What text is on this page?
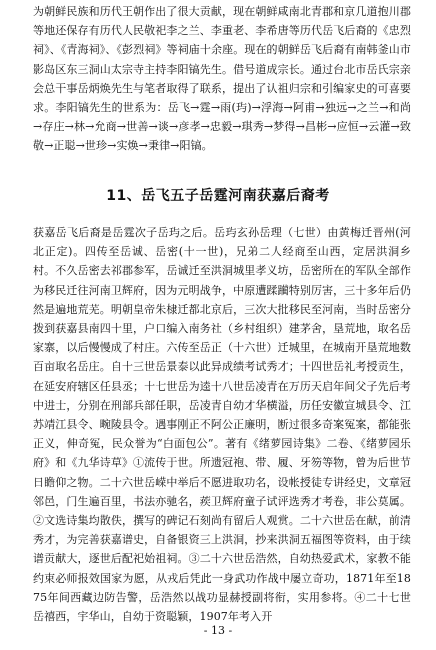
为朝鲜民族和历代王朝作出了很大贡献，现在朝鲜咸南北青郡和京几道抱川郡等地还保存有历代人民敬祀李之兰、李重老、李希唐等历代岳飞后裔的《忠烈祠》、《青海祠》、《彭烈祠》等祠庙十余座。现在的朝鲜岳飞后裔有南韩釜山市影岛区东三洞山太宗寺主持李阳镐先生。借号道成宗长。通过台北市岳氏宗亲会总干事岳炳焕先生与笔者取得了联系，提出了认祖归宗和引编家史的可喜要求。李阳镐先生的世系为：岳飞→霆→雨(玙)→浮海→阿甫→独远→之兰→和尚→存庄→林→允商→世善→谈→彦孝→忠毅→琪秀→梦得→昌彬→应恒→云灌→致敬→正聪→世珍→实焕→秉律→阳镐。
11、岳飞五子岳霆河南获嘉后裔考
获嘉岳飞后裔是岳霆次子岳玙之后。岳玙玄孙岳理（七世）由黄梅迁晋州(河北正定)。四传至岳诚、岳密(十一世)，兄弟二人经商至山西，定居洪洞乡村。不久岳密去祁郡参军，岳诚迁至洪洞城里孝义坊，岳密所在的军队全部作为移民迁往河南卫辉府，因为元明战争，中原遭蹂躏特别厉害，三十多年后仍然是遍地荒芜。明朝皇帝朱棣迁都北京后，三次大批移民至河南，当时岳密分拨到获嘉县南四十里，户口编入南务社（乡村组织）建茅舍，垦荒地，取名岳家寨，以后慢慢成了村庄。六传至岳正（十六世）迁城里，在城南开垦荒地数百亩取名岳庄。自十三世岳景泰以此异成绩考试秀才；十四世岳礼考授贡生，在延安府辖区任县丞；十七世岳为逵十八世岳凌青在万历天启年间父子先后考中进士，分别在刑部兵部任职，岳凌青自幼才华横溢，历任安徽宣城县令、江苏靖江县令、畹陵县令。遇事刚正不阿公正廉明，断过很多奇案冤案，都能张正义，伸奇冤，民众誉为“白面包公”。著有《绪萝园诗集》二卷、《绪萝园乐府》和《九华诗草》①流传于世。所遗冠袍、带、履、牙笏等物，曾为后世节日瞻仰之物。二十六世岳嵘中举后不愿进取功名，设帐授徒专讲经史，文章冠邻邑，门生遍百里，书法亦驰名，蒺卫辉府童子试评选秀才考卷，非公莫属。②文选诗集均散佚，撰写的碑记石刻尚有留后人观赏。二十六世岳在献，前清秀才，为完善获嘉谱史，自备银资三上洪洞，抄来洪洞五福图等资料，由于续谱贡献大，逐世后配祀始祖祠。③二十六世岳浩然，自幼热爱武术，家教不能约束必师报效国家为愿，从戎后凭此一身武功作战中屡立奇功，1871年至1875年间西藏边防告警，岳浩然以战功显赫授副将衔，实用参将。④二十七世岳禧西，宇华山，自幼于资聪颖，1907年考入开
- 13 -
